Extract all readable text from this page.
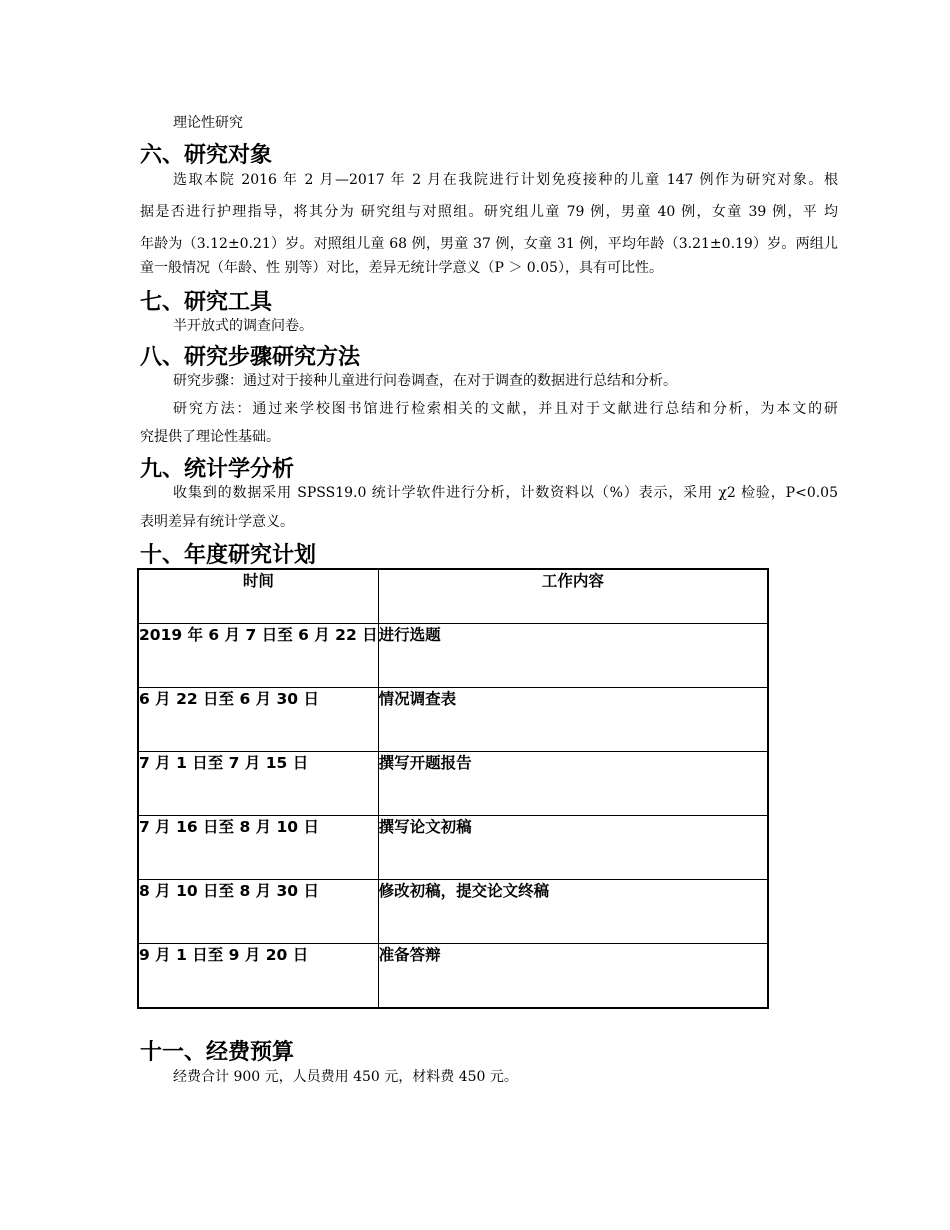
理论性研究
六、研究对象
选取本院 2016 年 2 月—2017 年 2 月在我院进行计划免疫接种的儿童 147 例作为研究对象。根
据是否进行护理指导，将其分为 研究组与对照组。研究组儿童 79 例，男童 40 例，女童 39 例，平 均
年龄为（3.12±0.21）岁。对照组儿童 68 例，男童 37 例，女童 31 例，平均年龄（3.21±0.19）岁。两组儿
童一般情况（年龄、性 别等）对比，差异无统计学意义（P ＞ 0.05），具有可比性。
七、研究工具
半开放式的调查问卷。
八、研究步骤研究方法
研究步骤：通过对于接种儿童进行问卷调查，在对于调查的数据进行总结和分析。
研究方法：通过来学校图书馆进行检索相关的文献，并且对于文献进行总结和分析，为本文的研
究提供了理论性基础。
九、统计学分析
收集到的数据采用 SPSS19.0 统计学软件进行分析，计数资料以（%）表示，采用 χ2 检验，P<0.05
表明差异有统计学意义。
十、年度研究计划
时间	工作内容
2019 年 6 月 7 日至 6 月 22 日	进行选题
6 月 22 日至 6 月 30 日	情况调查表
7 月 1 日至 7 月 15 日	撰写开题报告
7 月 16 日至 8 月 10 日	撰写论文初稿
8 月 10 日至 8 月 30 日	修改初稿，提交论文终稿
9 月 1 日至 9 月 20 日	准备答辩
十一、经费预算
经费合计 900 元，人员费用 450 元，材料费 450 元。
